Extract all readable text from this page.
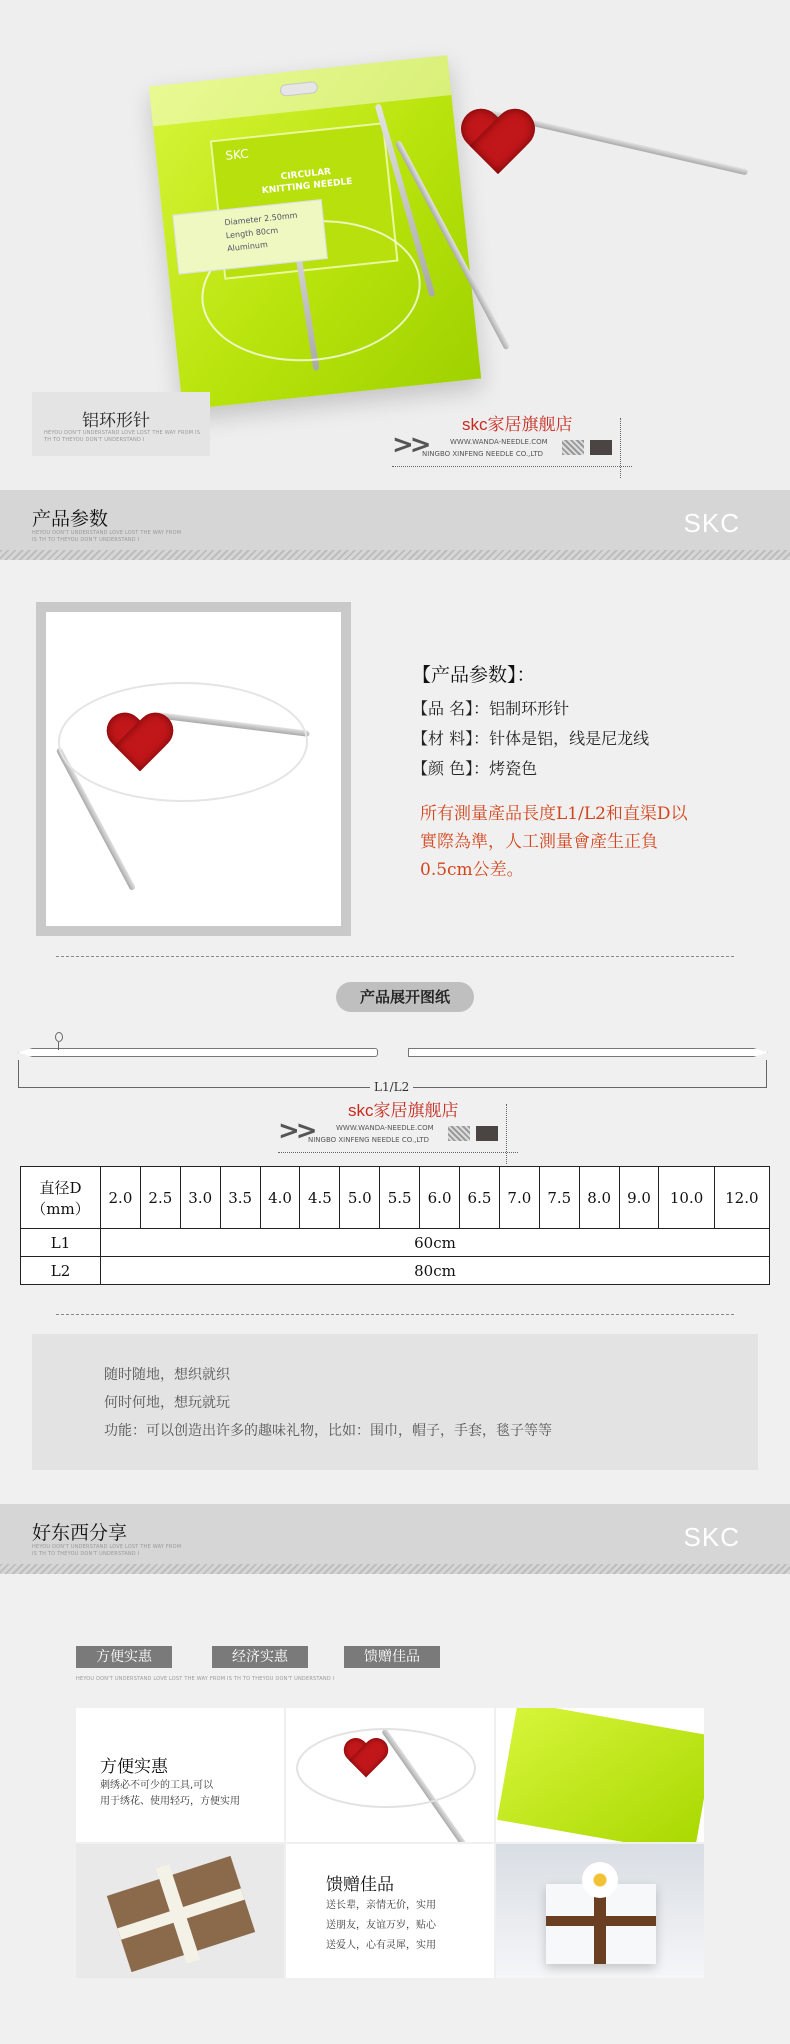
SKC
CIRCULAR KNITTING NEEDLE
Diameter 2.50mm
Length 80cm
Aluminum
铝环形针
HEYOU DON'T UNDERSTAND LOVE LOST THE WAY FROM IS TH TO THEYOU DON'T UNDERSTAND I	>>
skc家居旗舰店
WWW.WANDA-NEEDLE.COM
NINGBO XINFENG NEEDLE CO.,LTD
产品参数
HEYOU DON'T UNDERSTAND LOVE LOST THE WAY FROM IS TH TO THEYOU DON'T UNDERSTAND I
SKC
【产品参数】：
【品 名】：铝制环形针
【材 料】：针体是铝，线是尼龙线
【颜 色】：烤瓷色
所有測量產品長度L1/L2和直渠D以實際為準，人工測量會產生正負0.5cm公差。
产品展开图纸
L1/L2
>>
skc家居旗舰店
WWW.WANDA-NEEDLE.COM
NINGBO XINFENG NEEDLE CO.,LTD
直径D（mm）	2.0	2.5	3.0	3.5	4.0	4.5	5.0	5.5	6.0	6.5	7.0	7.5	8.0	9.0	10.0	12.0
L1	60cm															
L2	80cm															
随时随地，想织就织
何时何地，想玩就玩
功能：可以创造出许多的趣味礼物，比如：围巾，帽子，手套，毯子等等
好东西分享
HEYOU DON'T UNDERSTAND LOVE LOST THE WAY FROM IS TH TO THEYOU DON'T UNDERSTAND I
SKC
方便实惠	经济实惠	馈赠佳品
HEYOU DON'T UNDERSTAND LOVE LOST THE WAY FROM IS TH TO THEYOU DON'T UNDERSTAND I
方便实惠
刺绣必不可少的工具,可以
用于绣花、使用轻巧，方便实用
馈赠佳品
送长辈，亲情无价，实用
送朋友，友谊万岁，贴心
送爱人，心有灵犀，实用
